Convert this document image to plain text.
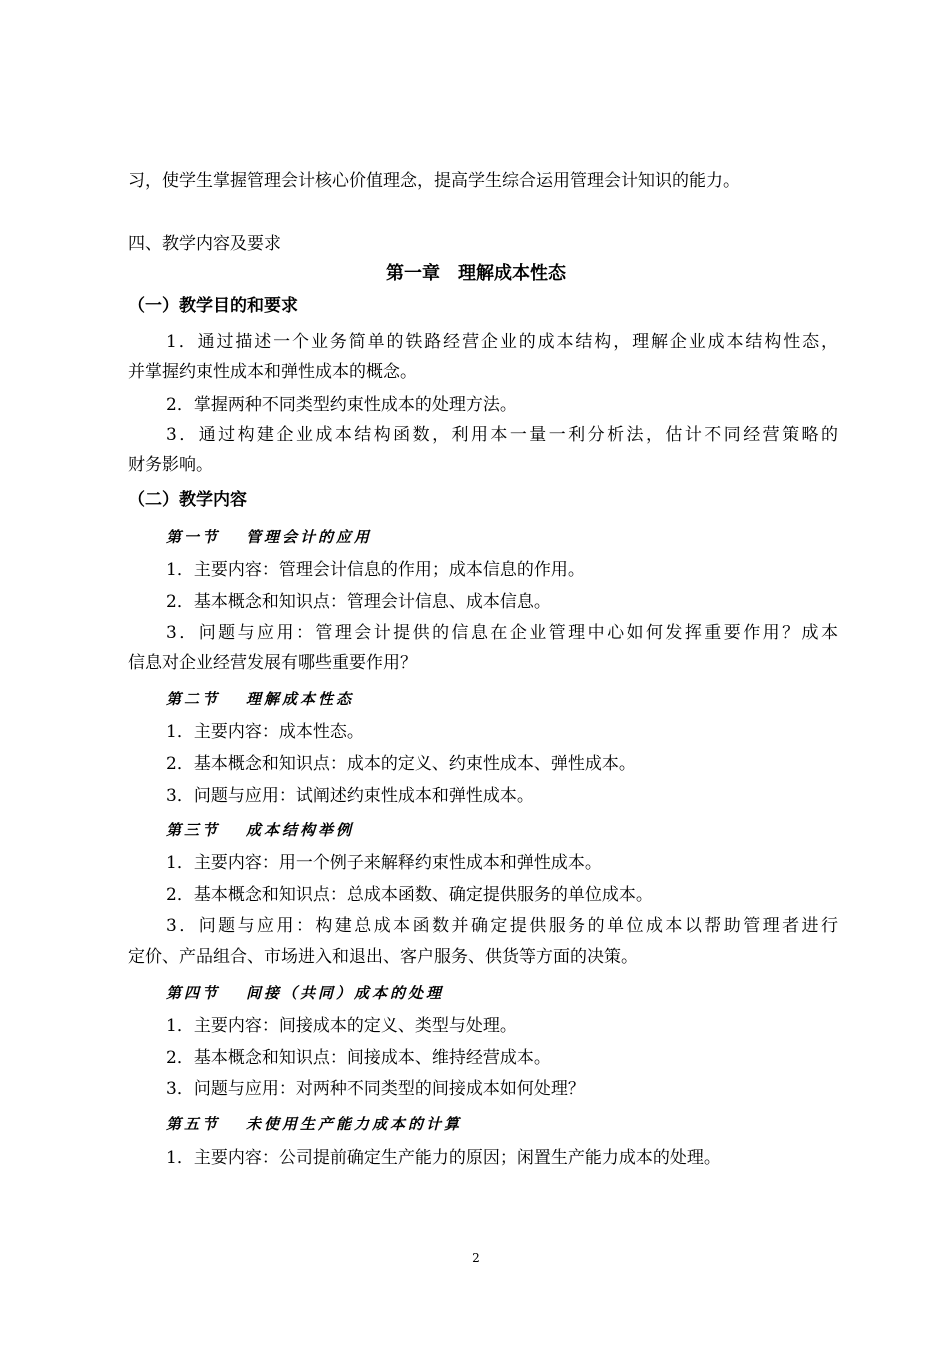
习，使学生掌握管理会计核心价值理念，提高学生综合运用管理会计知识的能力。
四、教学内容及要求
第一章　理解成本性态
（一）教学目的和要求
1．通过描述一个业务简单的铁路经营企业的成本结构，理解企业成本结构性态，
并掌握约束性成本和弹性成本的概念。
2．掌握两种不同类型约束性成本的处理方法。
3．通过构建企业成本结构函数，利用本一量一利分析法，估计不同经营策略的
财务影响。
（二）教学内容
第一节 管理会计的应用
1．主要内容：管理会计信息的作用；成本信息的作用。
2．基本概念和知识点：管理会计信息、成本信息。
3．问题与应用：管理会计提供的信息在企业管理中心如何发挥重要作用？成本
信息对企业经营发展有哪些重要作用？
第二节 理解成本性态
1．主要内容：成本性态。
2．基本概念和知识点：成本的定义、约束性成本、弹性成本。
3．问题与应用：试阐述约束性成本和弹性成本。
第三节 成本结构举例
1．主要内容：用一个例子来解释约束性成本和弹性成本。
2．基本概念和知识点：总成本函数、确定提供服务的单位成本。
3．问题与应用：构建总成本函数并确定提供服务的单位成本以帮助管理者进行
定价、产品组合、市场进入和退出、客户服务、供货等方面的决策。
第四节 间接（共同）成本的处理
1．主要内容：间接成本的定义、类型与处理。
2．基本概念和知识点：间接成本、维持经营成本。
3．问题与应用：对两种不同类型的间接成本如何处理？
第五节 未使用生产能力成本的计算
1．主要内容：公司提前确定生产能力的原因；闲置生产能力成本的处理。
2
